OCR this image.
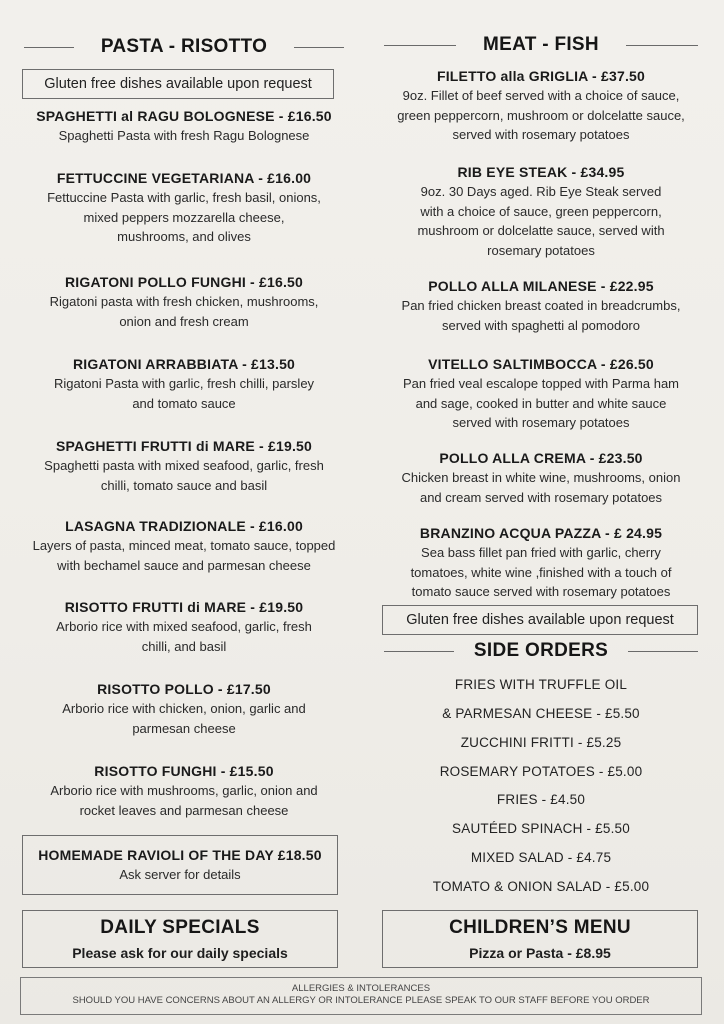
PASTA - RISOTTO
Gluten free dishes available upon request
SPAGHETTI al RAGU BOLOGNESE - £16.50
Spaghetti Pasta with fresh Ragu Bolognese
FETTUCCINE VEGETARIANA - £16.00
Fettuccine Pasta with garlic, fresh basil, onions,
mixed peppers mozzarella cheese,
mushrooms, and olives
RIGATONI POLLO FUNGHI - £16.50
Rigatoni pasta with fresh chicken, mushrooms,
onion and fresh cream
RIGATONI ARRABBIATA - £13.50
Rigatoni Pasta with garlic, fresh chilli, parsley
and tomato sauce
SPAGHETTI FRUTTI di MARE - £19.50
Spaghetti pasta with mixed seafood, garlic, fresh
chilli, tomato sauce and basil
LASAGNA TRADIZIONALE - £16.00
Layers of pasta, minced meat, tomato sauce, topped
with bechamel sauce and parmesan cheese
RISOTTO FRUTTI di MARE - £19.50
Arborio rice with mixed seafood, garlic, fresh
chilli, and basil
RISOTTO POLLO - £17.50
Arborio rice with chicken, onion, garlic and
parmesan cheese
RISOTTO FUNGHI - £15.50
Arborio rice with mushrooms, garlic, onion and
rocket leaves and parmesan cheese
HOMEMADE RAVIOLI OF THE DAY £18.50
Ask server for details
DAILY SPECIALS
Please ask for our daily specials
MEAT - FISH
FILETTO alla GRIGLIA - £37.50
9oz. Fillet of beef served with a choice of sauce,
green peppercorn, mushroom or dolcelatte sauce,
served with rosemary potatoes
RIB EYE STEAK - £34.95
9oz. 30 Days aged. Rib Eye Steak served
with a choice of sauce, green peppercorn,
mushroom or dolcelatte sauce, served with
rosemary potatoes
POLLO ALLA MILANESE - £22.95
Pan fried chicken breast coated in breadcrumbs,
served with spaghetti al pomodoro
VITELLO SALTIMBOCCA - £26.50
Pan fried veal escalope topped with Parma ham
and sage, cooked in butter and white sauce
served with rosemary potatoes
POLLO ALLA CREMA - £23.50
Chicken breast in white wine, mushrooms, onion
and cream served with rosemary potatoes
BRANZINO ACQUA PAZZA - £ 24.95
Sea bass fillet pan fried with garlic, cherry
tomatoes, white wine ,finished with a touch of
tomato sauce served with rosemary potatoes
Gluten free dishes available upon request
SIDE ORDERS
FRIES WITH TRUFFLE OIL
& PARMESAN CHEESE - £5.50
ZUCCHINI FRITTI - £5.25
ROSEMARY POTATOES - £5.00
FRIES - £4.50
SAUTÉED SPINACH - £5.50
MIXED SALAD - £4.75
TOMATO & ONION SALAD - £5.00
CHILDREN’S MENU
Pizza or Pasta - £8.95
ALLERGIES & INTOLERANCES
SHOULD YOU HAVE CONCERNS ABOUT AN ALLERGY OR INTOLERANCE PLEASE SPEAK TO OUR STAFF BEFORE YOU ORDER
